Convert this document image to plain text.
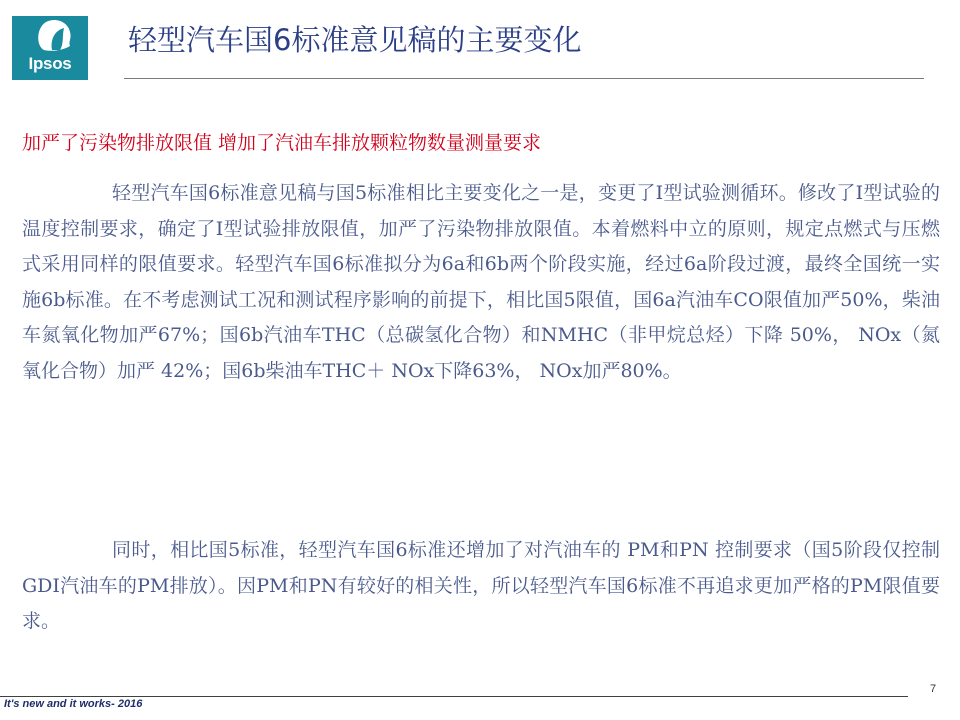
Ipsos
轻型汽车国6标准意见稿的主要变化
加严了污染物排放限值 增加了汽油车排放颗粒物数量测量要求

轻型汽车国6标准意见稿与国5标准相比主要变化之一是，变更了Ⅰ型试验测循环。修改了Ⅰ型试验的温度控制要求，确定了Ⅰ型试验排放限值，加严了污染物排放限值。本着燃料中立的原则，规定点燃式与压燃式采用同样的限值要求。轻型汽车国6标准拟分为6a和6b两个阶段实施，经过6a阶段过渡，最终全国统一实施6b标准。在不考虑测试工况和测试程序影响的前提下，相比国5限值，国6a汽油车CO限值加严50%，柴油车氮氧化物加严67%；国6b汽油车THC（总碳氢化合物）和NMHC（非甲烷总烃）下降 50%， NOx（氮氧化合物）加严 42%；国6b柴油车THC＋ NOx下降63%， NOx加严80%。

同时，相比国5标准，轻型汽车国6标准还增加了对汽油车的 PM和PN 控制要求（国5阶段仅控制GDI汽油车的PM排放）。因PM和PN有较好的相关性，所以轻型汽车国6标准不再追求更加严格的PM限值要求。

It's new and it works- 2016
7
